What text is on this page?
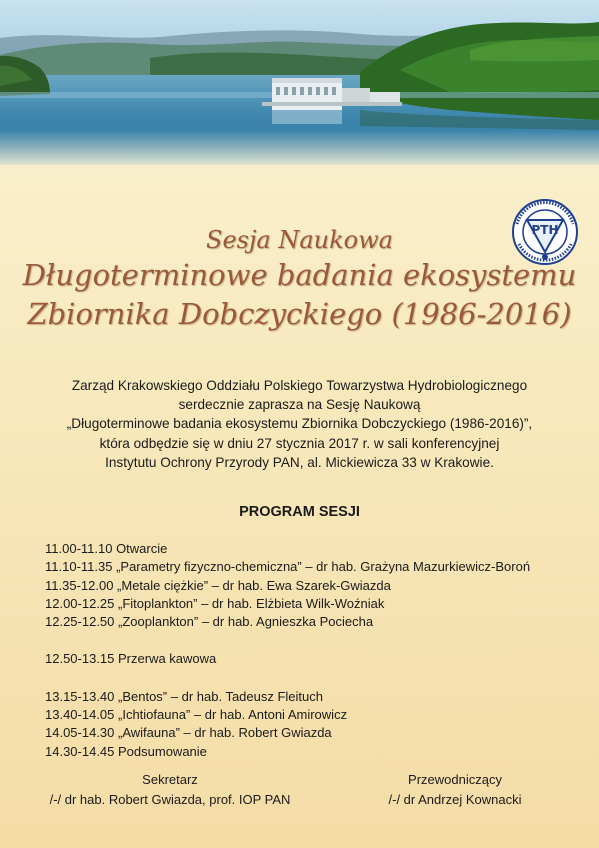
PTH
Sesja Naukowa
Długoterminowe badania ekosystemu
Zbiornika Dobczyckiego (1986-2016)
Zarząd Krakowskiego Oddziału Polskiego Towarzystwa Hydrobiologicznego
serdecznie zaprasza na Sesję Naukową
„Długoterminowe badania ekosystemu Zbiornika Dobczyckiego (1986-2016)”,
która odbędzie się w dniu 27 stycznia 2017 r. w sali konferencyjnej
Instytutu Ochrony Przyrody PAN, al. Mickiewicza 33 w Krakowie.
PROGRAM SESJI
11.00-11.10 Otwarcie
11.10-11.35 „Parametry fizyczno-chemiczna” – dr hab. Grażyna Mazurkiewicz-Boroń
11.35-12.00 „Metale ciężkie” – dr hab. Ewa Szarek-Gwiazda
12.00-12.25 „Fitoplankton” – dr hab. Elżbieta Wilk-Woźniak
12.25-12.50 „Zooplankton” – dr hab. Agnieszka Pociecha
12.50-13.15 Przerwa kawowa
13.15-13.40 „Bentos” – dr hab. Tadeusz Fleituch
13.40-14.05 „Ichtiofauna” – dr hab. Antoni Amirowicz
14.05-14.30 „Awifauna” – dr hab. Robert Gwiazda
14.30-14.45 Podsumowanie
Sekretarz
/-/ dr hab. Robert Gwiazda, prof. IOP PAN
Przewodniczący
/-/ dr Andrzej Kownacki
